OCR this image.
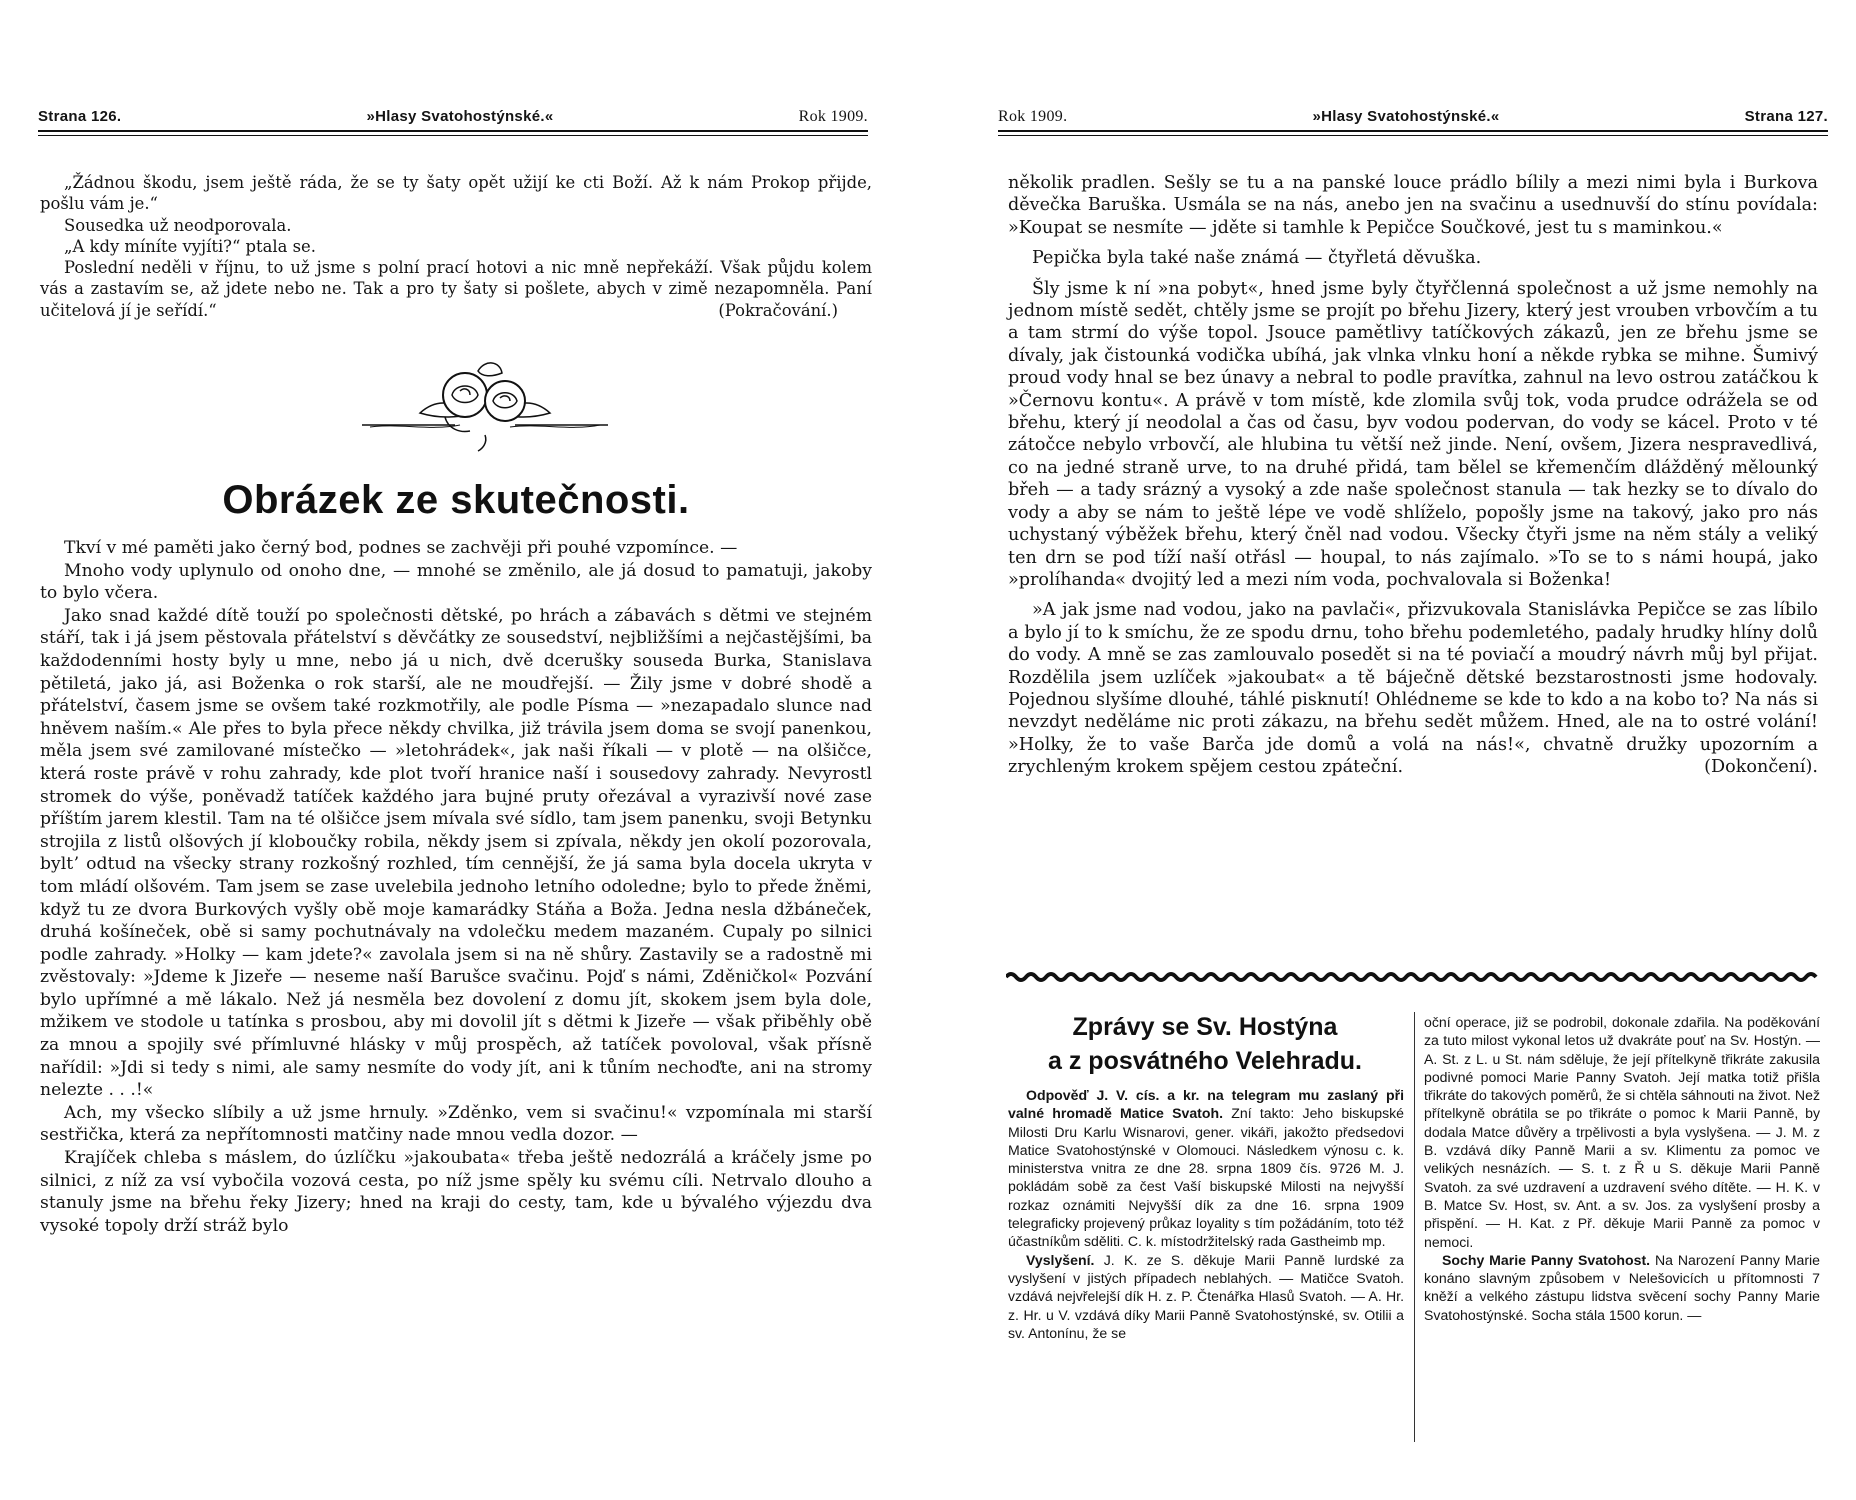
Strana 126.	»Hlasy Svatohostýnské.«	Rok 1909.

„Žádnou škodu, jsem ještě ráda, že se ty šaty opět užijí ke cti Boží. Až k nám Prokop přijde, pošlu vám je.“

Sousedka už neodporovala.

„A kdy míníte vyjíti?“ ptala se.

Poslední neděli v říjnu, to už jsme s polní prací hotovi a nic mně nepřekáží. Však půjdu kolem vás a zastavím se, až jdete nebo ne. Tak a pro ty šaty si pošlete, abych v zimě nezapomněla. Paní učitelová jí je seřídí.“	(Pokračování.)

Obrázek ze skutečnosti.

Tkví v mé paměti jako černý bod, podnes se zachvěji při pouhé vzpomínce. —

Mnoho vody uplynulo od onoho dne, — mnohé se změnilo, ale já dosud to pamatuji, jakoby to bylo včera.

Jako snad každé dítě touží po společnosti dětské, po hrách a zábavách s dětmi ve stejném stáří, tak i já jsem pěstovala přátelství s děvčátky ze sousedství, nejbližšími a nejčastějšími, ba každodenními hosty byly u mne, nebo já u nich, dvě dcerušky souseda Burka, Stanislava pětiletá, jako já, asi Boženka o rok starší, ale ne moudřejší. — Žily jsme v dobré shodě a přátelství, časem jsme se ovšem také rozkmotřily, ale podle Písma — »nezapadalo slunce nad hněvem naším.« Ale přes to byla přece někdy chvilka, již trávila jsem doma se svojí panenkou, měla jsem své zamilované místečko — »letohrádek«, jak naši říkali — v plotě — na olšičce, která roste právě v rohu zahrady, kde plot tvoří hranice naší i sousedovy zahrady. Nevyrostl stromek do výše, poněvadž tatíček každého jara bujné pruty ořezával a vyrazivší nové zase příštím jarem klestil. Tam na té olšičce jsem mívala své sídlo, tam jsem panenku, svoji Betynku strojila z listů olšových jí kloboučky robila, někdy jsem si zpívala, někdy jen okolí pozorovala, byltʼ odtud na všecky strany rozkošný rozhled, tím cennější, že já sama byla docela ukryta v tom mládí olšovém. Tam jsem se zase uvelebila jednoho letního odoledne; bylo to přede žněmi, když tu ze dvora Burkových vyšly obě moje kamarádky Stáňa a Boža. Jedna nesla džbáneček, druhá košíneček, obě si samy pochutnávaly na vdolečku medem mazaném. Cupaly po silnici podle zahrady. »Holky — kam jdete?« zavolala jsem si na ně shůry. Zastavily se a radostně mi zvěstovaly: »Jdeme k Jizeře — neseme naší Barušce svačinu. Pojď s námi, Zděničkol« Pozvání bylo upřímné a mě lákalo. Než já nesměla bez dovolení z domu jít, skokem jsem byla dole, mžikem ve stodole u tatínka s prosbou, aby mi dovolil jít s dětmi k Jizeře — však přiběhly obě za mnou a spojily své přímluvné hlásky v můj prospěch, až tatíček povoloval, však přísně nařídil: »Jdi si tedy s nimi, ale samy nesmíte do vody jít, ani k tůním nechoďte, ani na stromy nelezte . . .!«

Ach, my všecko slíbily a už jsme hrnuly. »Zděnko, vem si svačinu!« vzpomínala mi starší sestřička, která za nepřítomnosti matčiny nade mnou vedla dozor. —

Krajíček chleba s máslem, do úzlíčku »jakoubata« třeba ještě nedozrálá a kráčely jsme po silnici, z níž za vsí vybočila vozová cesta, po níž jsme spěly ku svému cíli. Netrvalo dlouho a stanuly jsme na břehu řeky Jizery; hned na kraji do cesty, tam, kde u bývalého výjezdu dva vysoké topoly drží stráž bylo

Rok 1909.	»Hlasy Svatohostýnské.«	Strana 127.

několik pradlen. Sešly se tu a na panské louce prádlo bílily a mezi nimi byla i Burkova děvečka Baruška. Usmála se na nás, anebo jen na svačinu a usednuvší do stínu povídala: »Koupat se nesmíte — jděte si tamhle k Pepičce Součkové, jest tu s maminkou.«

Pepička byla také naše známá — čtyřletá děvuška.

Šly jsme k ní »na pobyt«, hned jsme byly čtyřčlenná společnost a už jsme nemohly na jednom místě sedět, chtěly jsme se projít po břehu Jizery, který jest vrouben vrbovčím a tu a tam strmí do výše topol. Jsouce pamětlivy tatíčkových zákazů, jen ze břehu jsme se dívaly, jak čistounká vodička ubíhá, jak vlnka vlnku honí a někde rybka se mihne. Šumivý proud vody hnal se bez únavy a nebral to podle pravítka, zahnul na levo ostrou zatáčkou k »Černovu kontu«. A právě v tom místě, kde zlomila svůj tok, voda prudce odrážela se od břehu, který jí neodolal a čas od času, byv vodou podervan, do vody se kácel. Proto v té zátočce nebylo vrbovčí, ale hlubina tu větší než jinde. Není, ovšem, Jizera nespravedlivá, co na jedné straně urve, to na druhé přidá, tam bělel se křemenčím dlážděný mělounký břeh — a tady srázný a vysoký a zde naše společnost stanula — tak hezky se to dívalo do vody a aby se nám to ještě lépe ve vodě shlíželo, popošly jsme na takový, jako pro nás uchystaný výběžek břehu, který čněl nad vodou. Všecky čtyři jsme na něm stály a veliký ten drn se pod tíží naší otřásl — houpal, to nás zajímalo. »To se to s námi houpá, jako »prolíhanda« dvojitý led a mezi ním voda, pochvalovala si Boženka!

»A jak jsme nad vodou, jako na pavlači«, přizvukovala Stanislávka Pepičce se zas líbilo a bylo jí to k smíchu, že ze spodu drnu, toho břehu podemletého, padaly hrudky hlíny dolů do vody. A mně se zas zamlouvalo posedět si na té poviačí a moudrý návrh můj byl přijat. Rozdělila jsem uzlíček »jakoubat« a tě báječně dětské bezstarostnosti jsme hodovaly. Pojednou slyšíme dlouhé, táhlé pisknutí! Ohlédneme se kde to kdo a na kobo to? Na nás si nevzdyt neděláme nic proti zákazu, na břehu sedět můžem. Hned, ale na to ostré volání! »Holky, že to vaše Barča jde domů a volá na nás!«, chvatně družky upozorním a zrychleným krokem spějem cestou zpáteční.	(Dokončení).

Zprávy se Sv. Hostýna
a z posvátného Velehradu.

Odpověď J. V. cís. a kr. na telegram mu zaslaný při valné hromadě Matice Svatoh. Zní takto: Jeho biskupské Milosti Dru Karlu Wisnarovi, gener. vikáři, jakožto předsedovi Matice Svatohostýnské v Olomouci. Následkem výnosu c. k. ministerstva vnitra ze dne 28. srpna 1809 čís. 9726 M. J. pokládám sobě za čest Vaší biskupské Milosti na nejvyšší rozkaz oznámiti Nejvyšší dík za dne 16. srpna 1909 telegraficky projevený průkaz loyality s tím požádáním, toto též účastníkům sděliti. C. k. místodržitelský rada Gastheimb mp.

Vyslyšení. J. K. ze S. děkuje Marii Panně lurdské za vyslyšení v jistých případech neblahých. — Matičce Svatoh. vzdává nejvřelejší dík H. z. P. Čtenářka Hlasů Svatoh. — A. Hr. z. Hr. u V. vzdává díky Marii Panně Svatohostýnské, sv. Otilii a sv. Antonínu, že se

oční operace, již se podrobil, dokonale zdařila. Na poděkování za tuto milost vykonal letos už dvakráte pouť na Sv. Hostýn. — A. St. z L. u St. nám sděluje, že její přítelkyně třikráte zakusila podivné pomoci Marie Panny Svatoh. Její matka totiž přišla třikráte do takových poměrů, že si chtěla sáhnouti na život. Než přítelkyně obrátila se po třikráte o pomoc k Marii Panně, by dodala Matce důvěry a trpělivosti a byla vyslyšena. — J. M. z B. vzdává díky Panně Marii a sv. Klimentu za pomoc ve velikých nesnázích. — S. t. z Ř u S. děkuje Marii Panně Svatoh. za své uzdravení a uzdravení svého dítěte. — H. K. v B. Matce Sv. Host, sv. Ant. a sv. Jos. za vyslyšení prosby a přispění. — H. Kat. z Př. děkuje Marii Panně za pomoc v nemoci.

Sochy Marie Panny Svatohost. Na Narození Panny Marie konáno slavným způsobem v Nelešovicích u přítomnosti 7 kněží a velkého zástupu lidstva svěcení sochy Panny Marie Svatohostýnské. Socha stála 1500 korun. —
